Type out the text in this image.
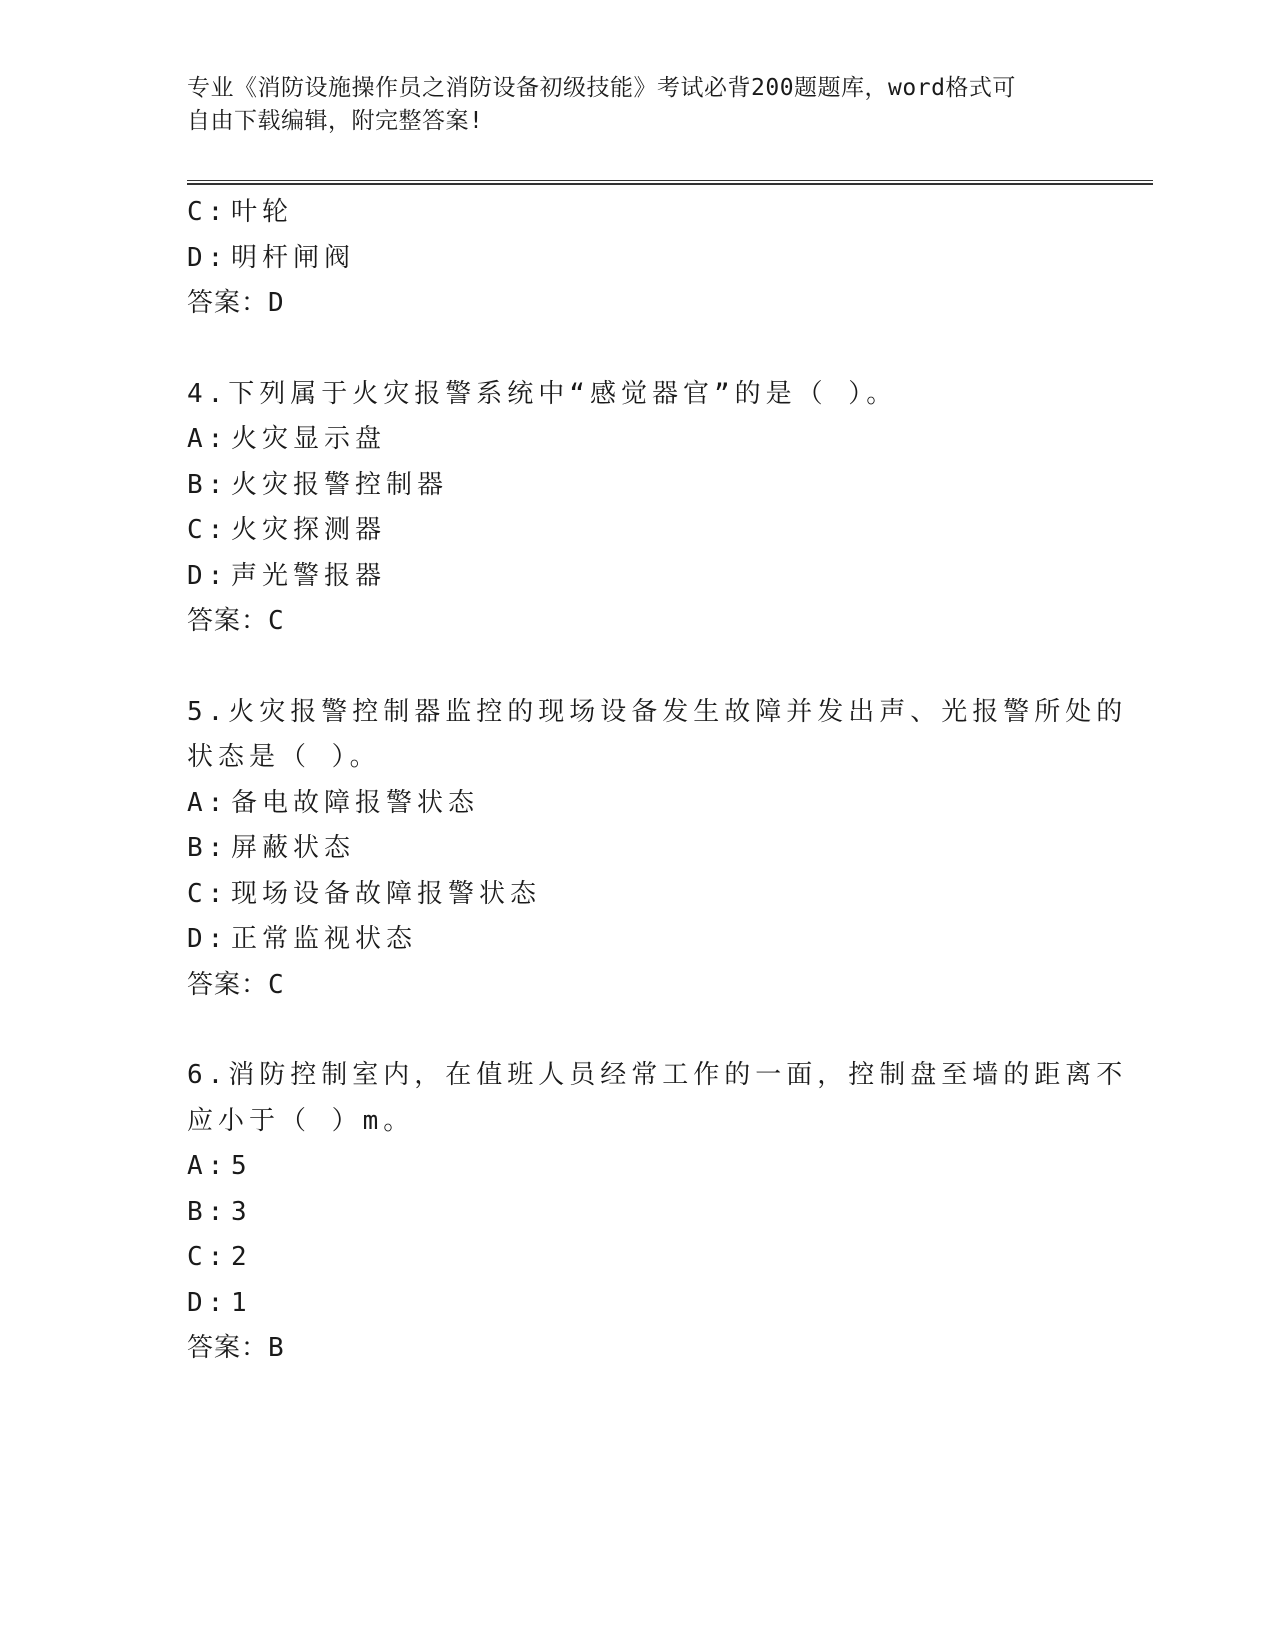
专业《消防设施操作员之消防设备初级技能》考试必背200题题库，word格式可
自由下载编辑，附完整答案!
C: 叶轮
D: 明杆闸阀
答案：D
4.下列属于火灾报警系统中“感觉器官”的是（ ）。
A: 火灾显示盘
B: 火灾报警控制器
C: 火灾探测器
D: 声光警报器
答案：C
5.火灾报警控制器监控的现场设备发生故障并发出声、光报警所处的
状态是（ ）。
A: 备电故障报警状态
B: 屏蔽状态
C: 现场设备故障报警状态
D: 正常监视状态
答案：C
6.消防控制室内，在值班人员经常工作的一面，控制盘至墙的距离不
应小于（ ）m。
A: 5
B: 3
C: 2
D: 1
答案：B
